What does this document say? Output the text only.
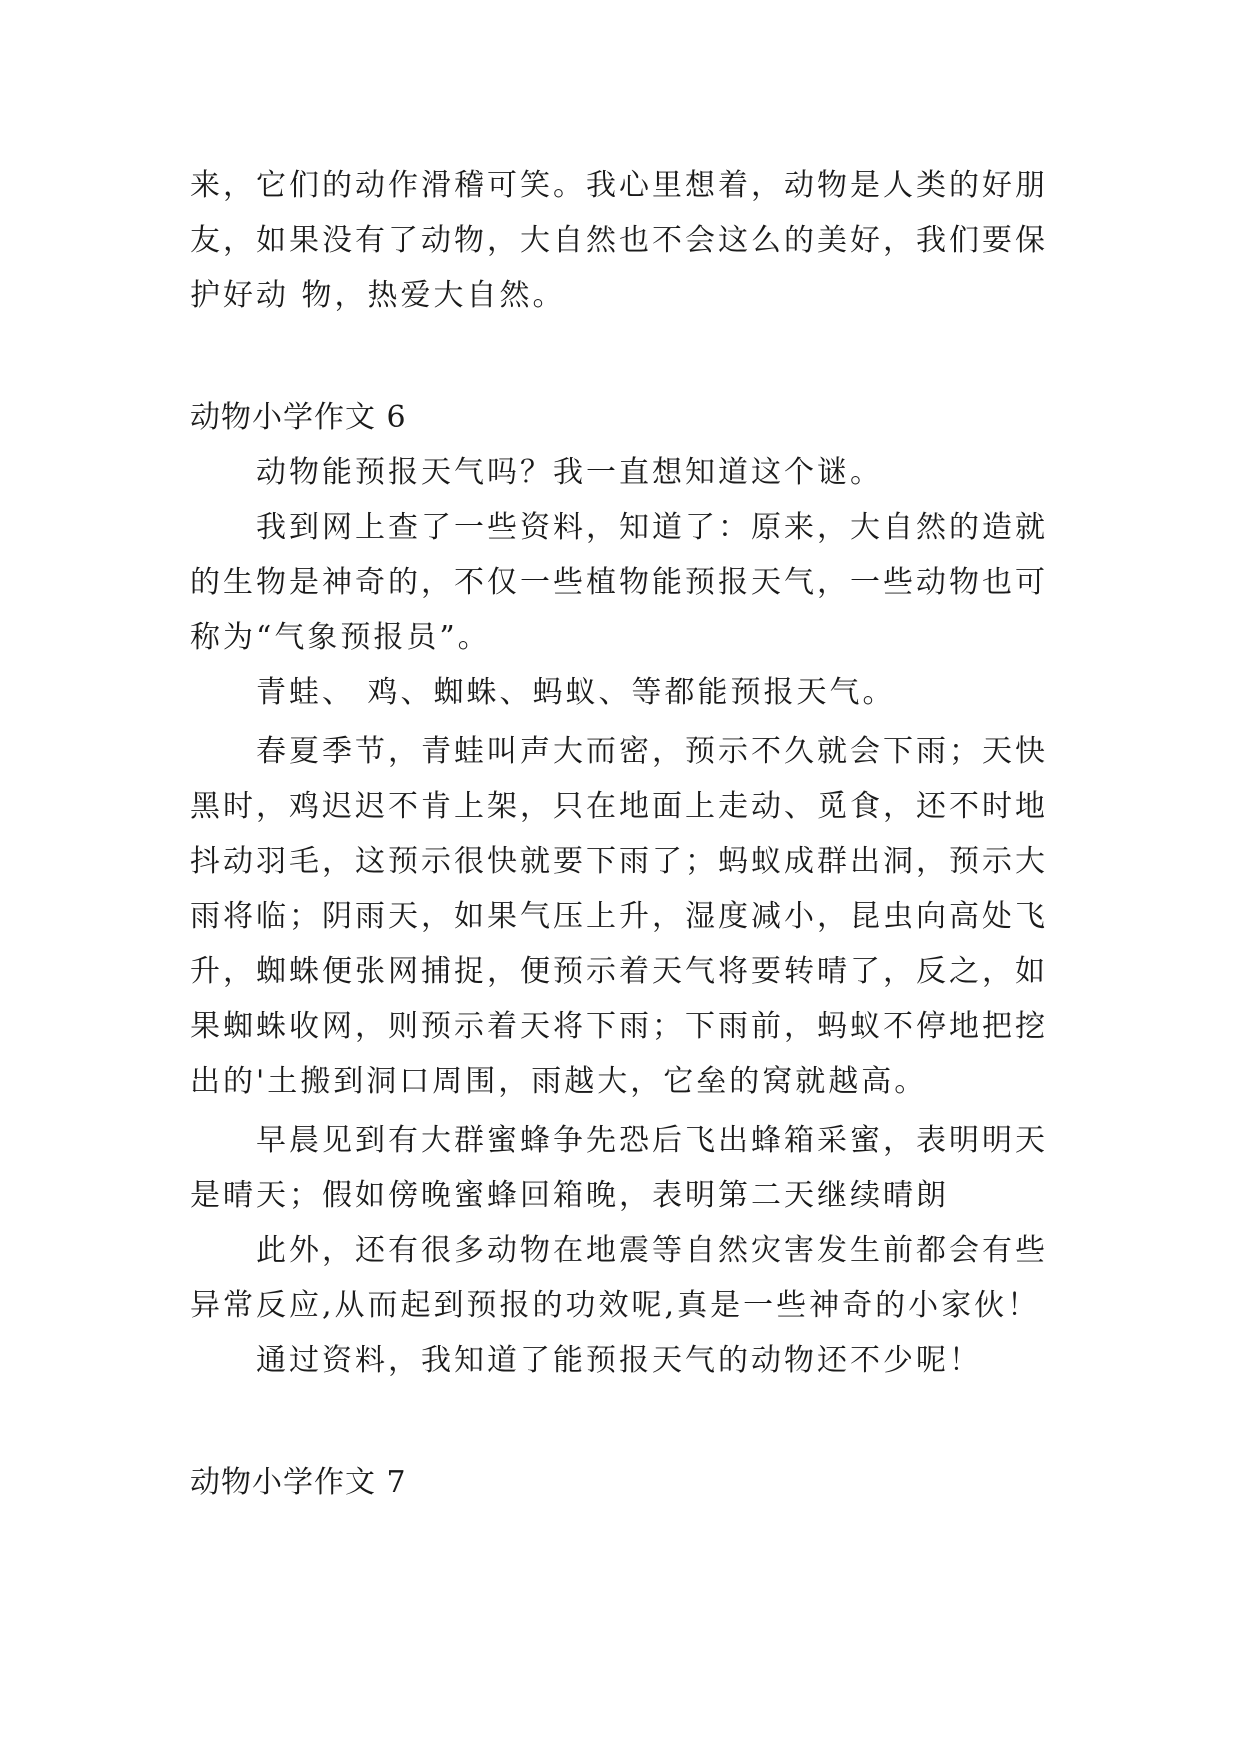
来，它们的动作滑稽可笑。我心里想着，动物是人类的好朋
友，如果没有了动物，大自然也不会这么的美好，我们要保
护好动 物，热爱大自然。
动物小学作文 6
动物能预报天气吗？我一直想知道这个谜。
我到网上查了一些资料，知道了：原来，大自然的造就
的生物是神奇的，不仅一些植物能预报天气，一些动物也可
称为“气象预报员”。
青蛙、 鸡、蜘蛛、蚂蚁、等都能预报天气。
春夏季节，青蛙叫声大而密，预示不久就会下雨；天快
黑时，鸡迟迟不肯上架，只在地面上走动、觅食，还不时地
抖动羽毛，这预示很快就要下雨了；蚂蚁成群出洞，预示大
雨将临；阴雨天，如果气压上升，湿度减小，昆虫向高处飞
升，蜘蛛便张网捕捉，便预示着天气将要转晴了，反之，如
果蜘蛛收网，则预示着天将下雨；下雨前，蚂蚁不停地把挖
出的'土搬到洞口周围，雨越大，它垒的窝就越高。
早晨见到有大群蜜蜂争先恐后飞出蜂箱采蜜，表明明天
是晴天；假如傍晚蜜蜂回箱晚，表明第二天继续晴朗
此外，还有很多动物在地震等自然灾害发生前都会有些
异常反应,从而起到预报的功效呢,真是一些神奇的小家伙！
通过资料，我知道了能预报天气的动物还不少呢！
动物小学作文 7
